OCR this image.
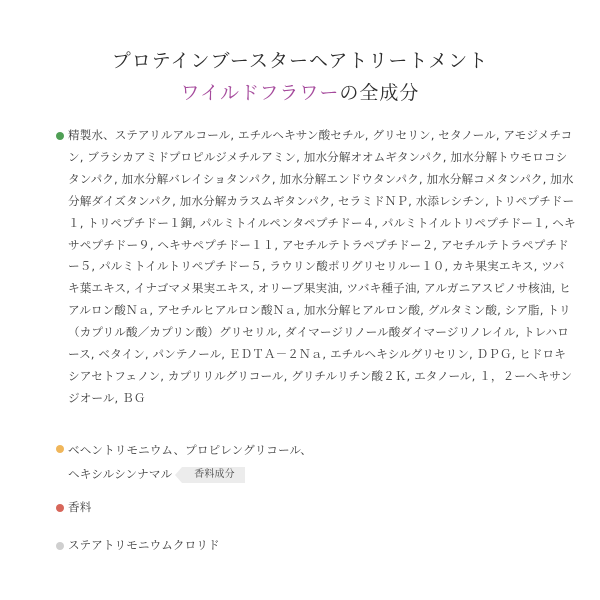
プロテインブースターヘアトリートメント
ワイルドフラワーの全成分
精製水、ステアリルアルコール, エチルヘキサン酸セチル, グリセリン, セタノール, アモジメチコン, ブラシカアミドプロピルジメチルアミン, 加水分解オオムギタンパク, 加水分解トウモロコシタンパク, 加水分解バレイショタンパク, 加水分解エンドウタンパク, 加水分解コメタンパク, 加水分解ダイズタンパク, 加水分解カラスムギタンパク, セラミドＮＰ, 水添レシチン, トリペプチドー１, トリペプチドー１銅, パルミトイルペンタペプチドー４, パルミトイルトリペプチドー１, ヘキサペプチドー９, ヘキサペプチドー１１, アセチルテトラペプチドー２, アセチルテトラペプチドー５, パルミトイルトリペプチドー５, ラウリン酸ポリグリセリルー１０, カキ果実エキス, ツバキ葉エキス, イナゴマメ果実エキス, オリーブ果実油, ツバキ種子油, アルガニアスピノサ核油, ヒアルロン酸Ｎａ, アセチルヒアルロン酸Ｎａ, 加水分解ヒアルロン酸, グルタミン酸, シア脂, トリ（カプリル酸／カプリン酸）グリセリル, ダイマージリノール酸ダイマージリノレイル, トレハロース, ベタイン, パンテノール, ＥＤＴＡ－２Ｎａ, エチルヘキシルグリセリン, ＤＰＧ, ヒドロキシアセトフェノン, カプリリルグリコール, グリチルリチン酸２Ｋ, エタノール, １，２ーヘキサンジオール, ＢＧ
ベヘントリモニウム、プロピレングリコール、
ヘキシルシンナマル 香料成分
香料
ステアトリモニウムクロリド
